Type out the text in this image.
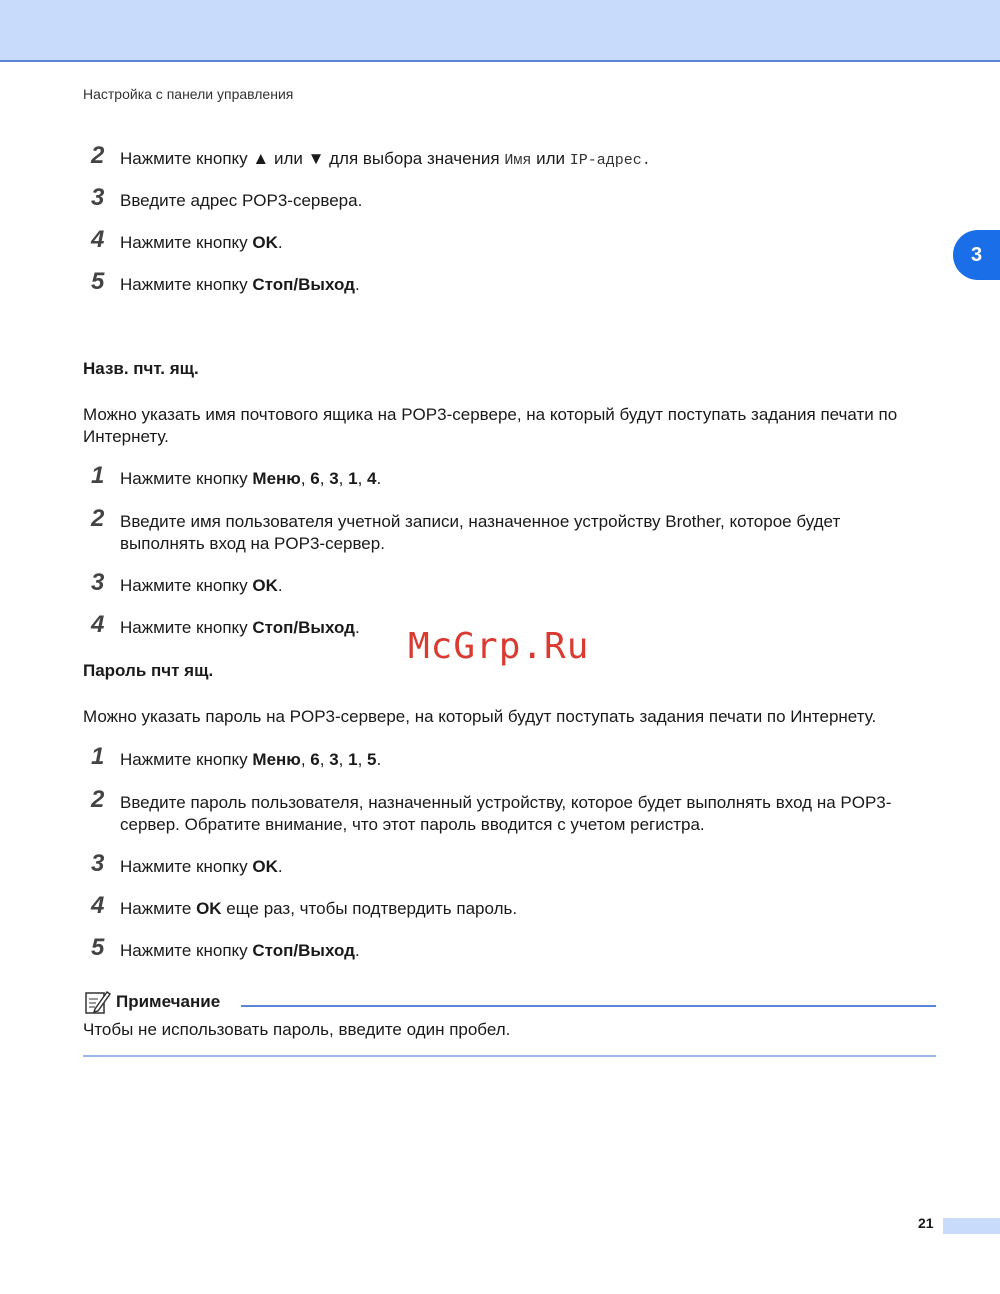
Настройка с панели управления
3
2 Нажмите кнопку ▲ или ▼ для выбора значения Имя или IP-адрес.
3 Введите адрес POP3-сервера.
4 Нажмите кнопку OK.
5 Нажмите кнопку Стоп/Выход.
Назв. пчт. ящ.
Можно указать имя почтового ящика на POP3-сервере, на который будут поступать задания печати по Интернету.
1 Нажмите кнопку Меню, 6, 3, 1, 4.
2 Введите имя пользователя учетной записи, назначенное устройству Brother, которое будет выполнять вход на POP3-сервер.
3 Нажмите кнопку OK.
4 Нажмите кнопку Стоп/Выход.	McGrp.Ru
Пароль пчт ящ.
Можно указать пароль на POP3-сервере, на который будут поступать задания печати по Интернету.
1 Нажмите кнопку Меню, 6, 3, 1, 5.
2 Введите пароль пользователя, назначенный устройству, которое будет выполнять вход на POP3-сервер. Обратите внимание, что этот пароль вводится с учетом регистра.
3 Нажмите кнопку OK.
4 Нажмите OK еще раз, чтобы подтвердить пароль.
5 Нажмите кнопку Стоп/Выход.
Примечание
Чтобы не использовать пароль, введите один пробел.
21
